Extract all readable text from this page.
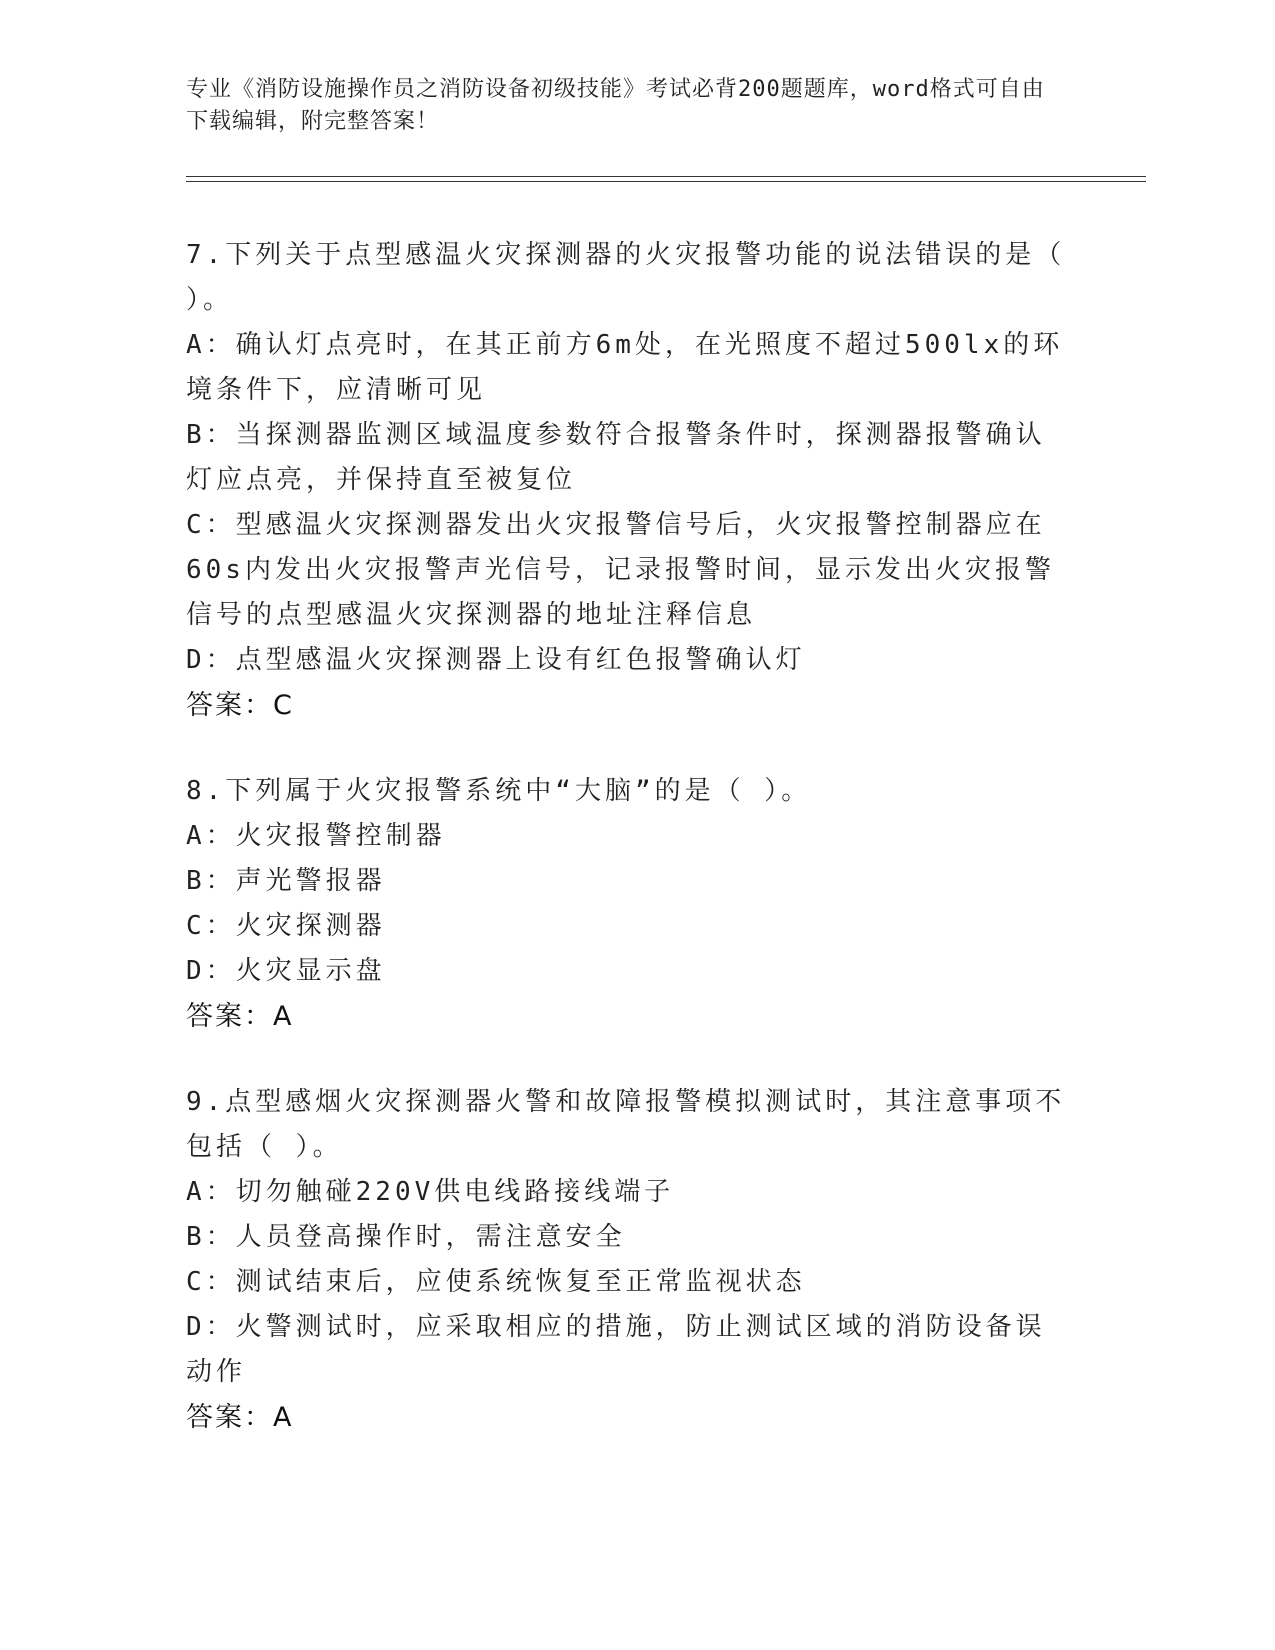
专业《消防设施操作员之消防设备初级技能》考试必背200题题库，word格式可自由下载编辑，附完整答案！
7.下列关于点型感温火灾探测器的火灾报警功能的说法错误的是（ ）。
A：确认灯点亮时，在其正前方6m处，在光照度不超过500lx的环境条件下，应清晰可见
B：当探测器监测区域温度参数符合报警条件时，探测器报警确认灯应点亮，并保持直至被复位
C：型感温火灾探测器发出火灾报警信号后，火灾报警控制器应在60s内发出火灾报警声光信号，记录报警时间，显示发出火灾报警信号的点型感温火灾探测器的地址注释信息
D：点型感温火灾探测器上设有红色报警确认灯
答案：C
8.下列属于火灾报警系统中“大脑”的是（ ）。
A：火灾报警控制器
B：声光警报器
C：火灾探测器
D：火灾显示盘
答案：A
9.点型感烟火灾探测器火警和故障报警模拟测试时，其注意事项不包括（ ）。
A：切勿触碰220V供电线路接线端子
B：人员登高操作时，需注意安全
C：测试结束后，应使系统恢复至正常监视状态
D：火警测试时，应采取相应的措施，防止测试区域的消防设备误动作
答案：A
